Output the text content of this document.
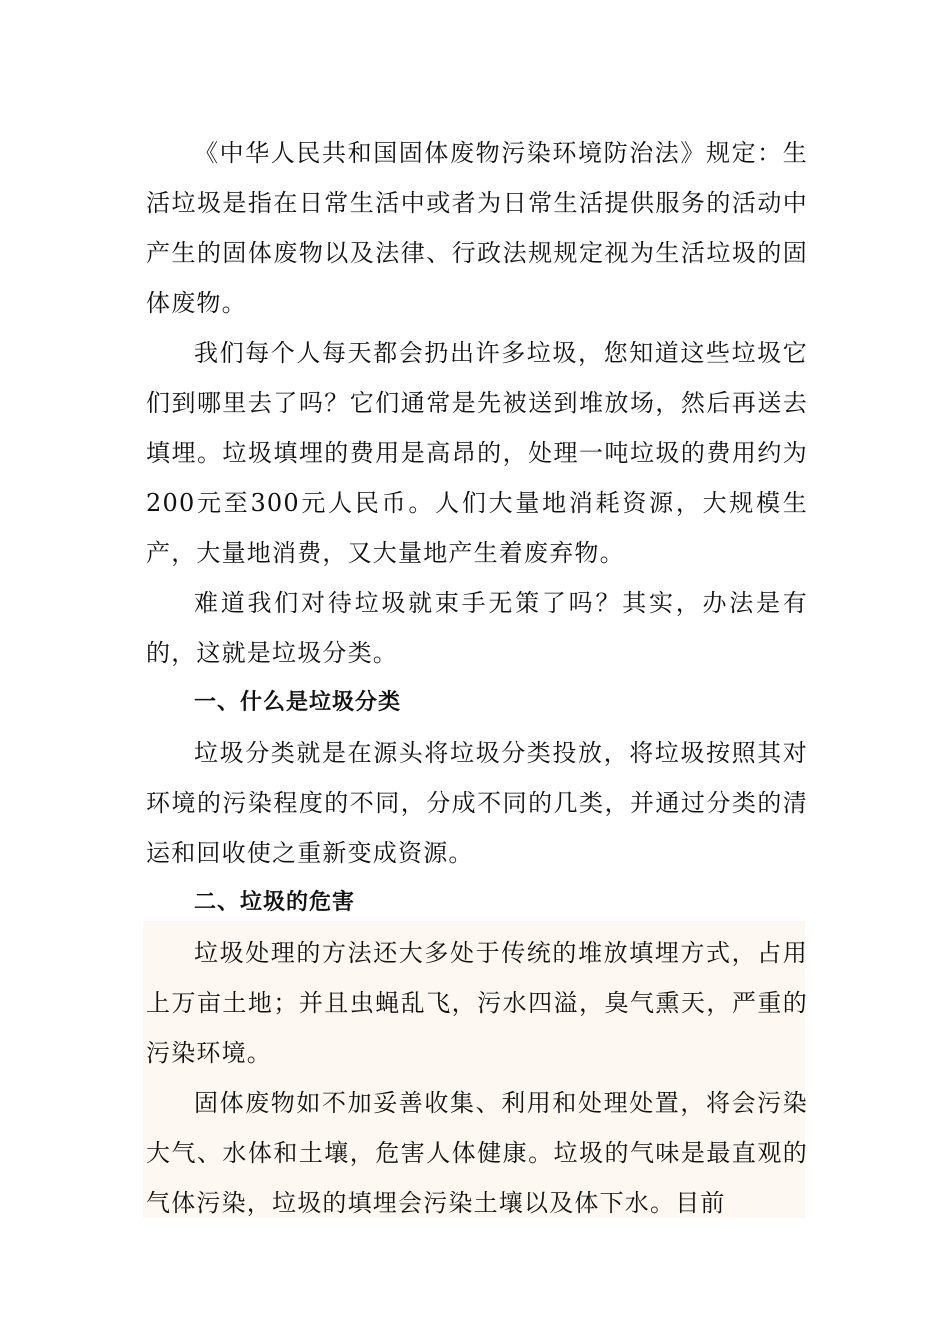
《中华人民共和国固体废物污染环境防治法》规定：生活垃圾是指在日常生活中或者为日常生活提供服务的活动中产生的固体废物以及法律、行政法规规定视为生活垃圾的固体废物。

我们每个人每天都会扔出许多垃圾，您知道这些垃圾它们到哪里去了吗？它们通常是先被送到堆放场，然后再送去填埋。垃圾填埋的费用是高昂的，处理一吨垃圾的费用约为200元至300元人民币。人们大量地消耗资源，大规模生产，大量地消费，又大量地产生着废弃物。

难道我们对待垃圾就束手无策了吗？其实，办法是有的，这就是垃圾分类。

一、什么是垃圾分类

垃圾分类就是在源头将垃圾分类投放，将垃圾按照其对环境的污染程度的不同，分成不同的几类，并通过分类的清运和回收使之重新变成资源。

二、垃圾的危害

垃圾处理的方法还大多处于传统的堆放填埋方式，占用上万亩土地；并且虫蝇乱飞，污水四溢，臭气熏天，严重的污染环境。

固体废物如不加妥善收集、利用和处理处置，将会污染大气、水体和土壤，危害人体健康。垃圾的气味是最直观的气体污染，垃圾的填埋会污染土壤以及体下水。目前
